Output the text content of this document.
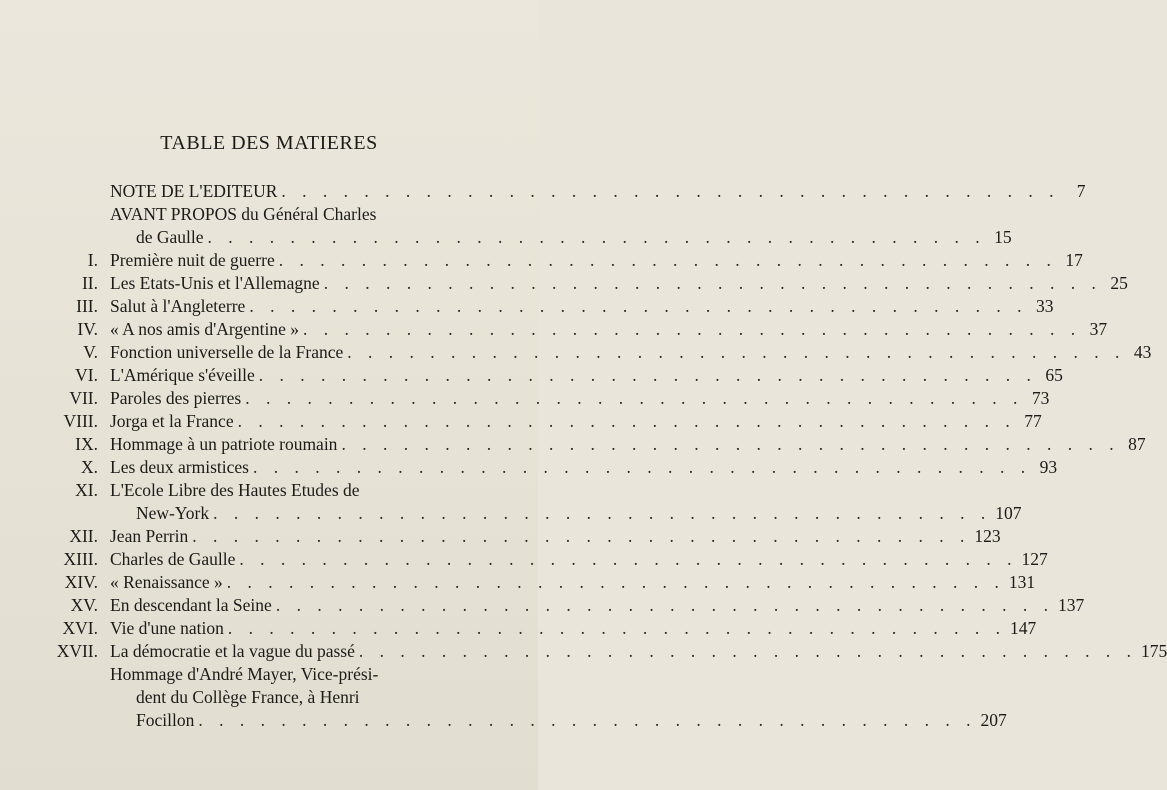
TABLE DES MATIERES
NOTE DE L'EDITEUR . . . . . . . . . . . . . . . . . . . . . . . . . . . . . . . . . . . . . . 7
AVANT PROPOS du Général Charles
de Gaulle . . . . . . . . . . . . . . . . . . . . . . . . . . . . . . . . . . . . . . 15
I. Première nuit de guerre . . . . . . . . . . . . . . . . . . . . . . . . . . . . . . . . . . . . . . 17
II. Les Etats-Unis et l'Allemagne . . . . . . . . . . . . . . . . . . . . . . . . . . . . . . . . . . . . . . 25
III. Salut à l'Angleterre . . . . . . . . . . . . . . . . . . . . . . . . . . . . . . . . . . . . . . 33
IV. « A nos amis d'Argentine » . . . . . . . . . . . . . . . . . . . . . . . . . . . . . . . . . . . . . . 37
V. Fonction universelle de la France . . . . . . . . . . . . . . . . . . . . . . . . . . . . . . . . . . . . . . 43
VI. L'Amérique s'éveille . . . . . . . . . . . . . . . . . . . . . . . . . . . . . . . . . . . . . . 65
VII. Paroles des pierres . . . . . . . . . . . . . . . . . . . . . . . . . . . . . . . . . . . . . . 73
VIII. Jorga et la France . . . . . . . . . . . . . . . . . . . . . . . . . . . . . . . . . . . . . . 77
IX. Hommage à un patriote roumain . . . . . . . . . . . . . . . . . . . . . . . . . . . . . . . . . . . . . . 87
X. Les deux armistices . . . . . . . . . . . . . . . . . . . . . . . . . . . . . . . . . . . . . . 93
XI. L'Ecole Libre des Hautes Etudes de
New-York . . . . . . . . . . . . . . . . . . . . . . . . . . . . . . . . . . . . . . 107
XII. Jean Perrin . . . . . . . . . . . . . . . . . . . . . . . . . . . . . . . . . . . . . . 123
XIII. Charles de Gaulle . . . . . . . . . . . . . . . . . . . . . . . . . . . . . . . . . . . . . . 127
XIV. « Renaissance » . . . . . . . . . . . . . . . . . . . . . . . . . . . . . . . . . . . . . . 131
XV. En descendant la Seine . . . . . . . . . . . . . . . . . . . . . . . . . . . . . . . . . . . . . . 137
XVI. Vie d'une nation . . . . . . . . . . . . . . . . . . . . . . . . . . . . . . . . . . . . . . 147
XVII. La démocratie et la vague du passé . . . . . . . . . . . . . . . . . . . . . . . . . . . . . . . . . . . . . . 175
Hommage d'André Mayer, Vice-prési-
dent du Collège France, à Henri
Focillon . . . . . . . . . . . . . . . . . . . . . . . . . . . . . . . . . . . . . . 207
